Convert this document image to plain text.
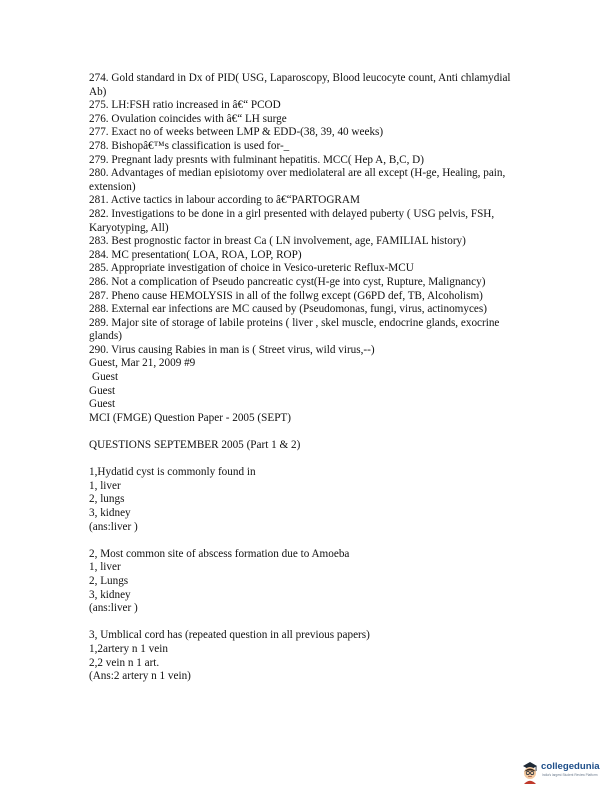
274. Gold standard in Dx of PID( USG, Laparoscopy, Blood leucocyte count, Anti chlamydial Ab)
275. LH:FSH ratio increased in â€“ PCOD
276. Ovulation coincides with â€“ LH surge
277. Exact no of weeks between LMP & EDD-(38, 39, 40 weeks)
278. Bishopâ€™s classification is used for-_
279. Pregnant lady presnts with fulminant hepatitis. MCC( Hep A, B,C, D)
280. Advantages of median episiotomy over mediolateral are all except (H-ge, Healing, pain, extension)
281. Active tactics in labour according to â€“PARTOGRAM
282. Investigations to be done in a girl presented with delayed puberty ( USG pelvis, FSH, Karyotyping, All)
283. Best prognostic factor in breast Ca ( LN involvement, age, FAMILIAL history)
284. MC presentation( LOA, ROA, LOP, ROP)
285. Appropriate investigation of choice in Vesico-ureteric Reflux-MCU
286. Not a complication of Pseudo pancreatic cyst(H-ge into cyst, Rupture, Malignancy)
287. Pheno cause HEMOLYSIS in all of the follwg except (G6PD def, TB, Alcoholism)
288. External ear infections are MC caused by (Pseudomonas, fungi, virus, actinomyces)
289. Major site of storage of labile proteins ( liver , skel muscle, endocrine glands, exocrine glands)
290. Virus causing Rabies in man is ( Street virus, wild virus,--)
Guest, Mar 21, 2009 #9
Guest
Guest
Guest
MCI (FMGE) Question Paper - 2005 (SEPT)
QUESTIONS SEPTEMBER 2005 (Part 1 & 2)
1,Hydatid cyst is commonly found in
1, liver
2, lungs
3, kidney
(ans:liver )
2, Most common site of abscess formation due to Amoeba
1, liver
2, Lungs
3, kidney
(ans:liver )
3, Umblical cord has (repeated question in all previous papers)
1,2artery n 1 vein
2,2 vein n 1 art.
(Ans:2 artery n 1 vein)
collegedunia
India's largest Student Review Platform
